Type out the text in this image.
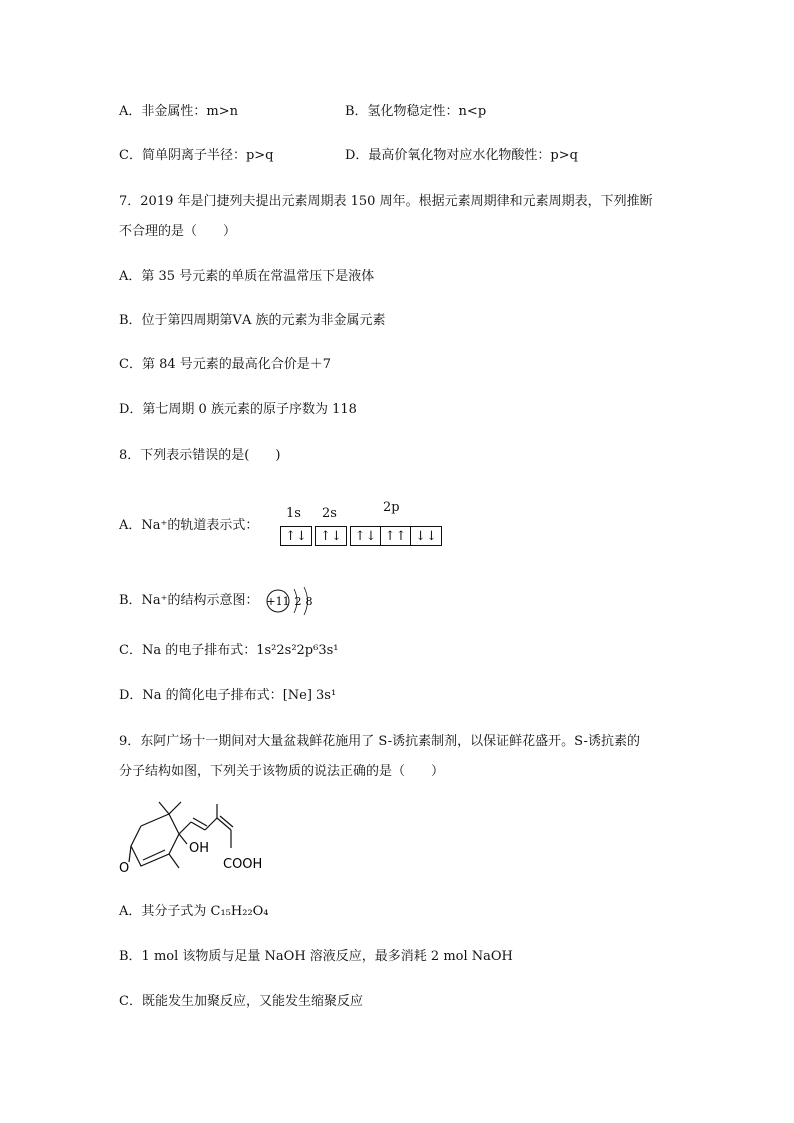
A．非金属性：m>n	B．氢化物稳定性：n<p
C．简单阴离子半径：p>q	D．最高价氧化物对应水化物酸性：p>q
7．2019 年是门捷列夫提出元素周期表 150 周年。根据元素周期律和元素周期表，下列推断
不合理的是（　　）
A．第 35 号元素的单质在常温常压下是液体
B．位于第四周期第ⅤA 族的元素为非金属元素
C．第 84 号元素的最高化合价是＋7
D．第七周期 0 族元素的原子序数为 118
8．下列表示错误的是(　　)
A．Na⁺的轨道表示式：
1s 2s	2p
↑↓	↑↓ ↑↓ ↑↑ ↓↓
B．Na⁺的结构示意图： +11 2 8
C．Na 的电子排布式：1s²2s²2p⁶3s¹
D．Na 的简化电子排布式：[Ne] 3s¹
9．东阿广场十一期间对大量盆栽鲜花施用了 S-诱抗素制剂，以保证鲜花盛开。S-诱抗素的
分子结构如图，下列关于该物质的说法正确的是（　　）
OH
COOH
O
A．其分子式为 C₁₅H₂₂O₄
B．1 mol 该物质与足量 NaOH 溶液反应，最多消耗 2 mol NaOH
C．既能发生加聚反应，又能发生缩聚反应
